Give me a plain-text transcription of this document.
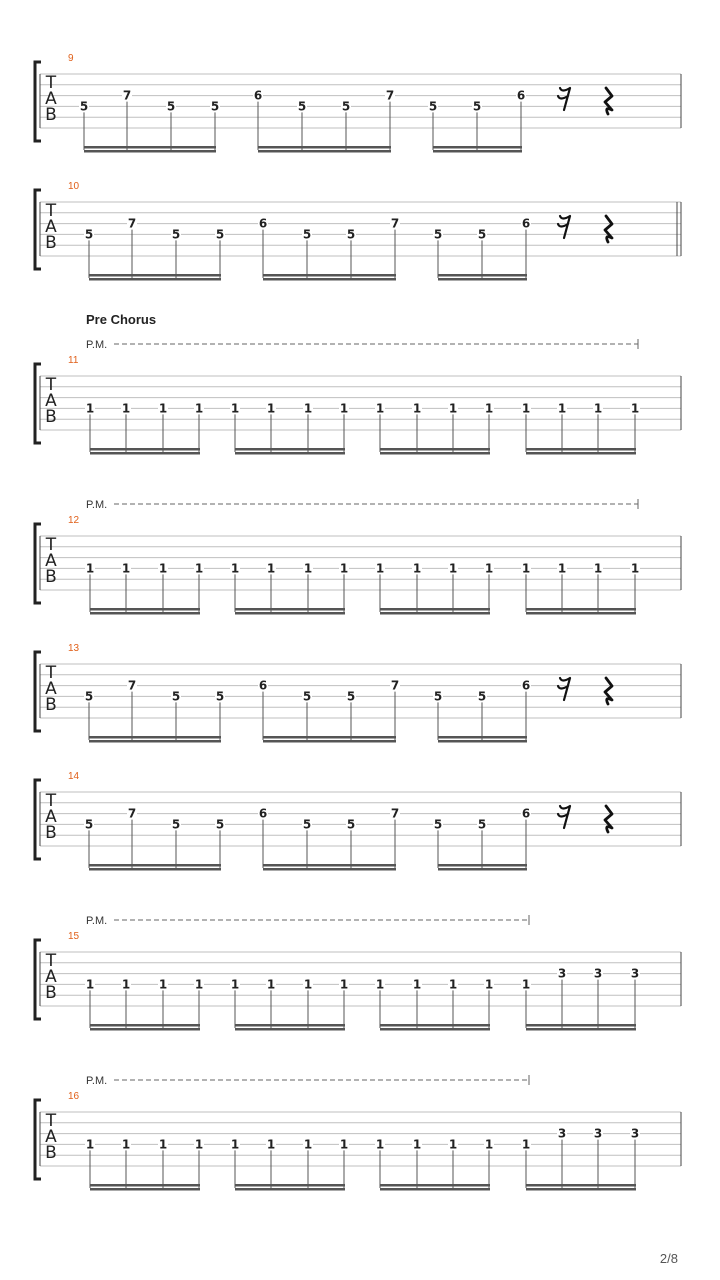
T
A
B
9
5
7
5	5
6
5	5
7
5	5
6
T
A
B
10
5
7
5	5
6
5	5
7
5	5
6
T
A
B
11
Pre Chorus
P.M.
1 1 1 1 1 1 1 1 1 1 1 1 1 1 1 1
T
A
B
12
P.M.
1 1 1 1 1 1 1 1 1 1 1 1 1 1 1 1
T
A
B
13
5
7
5	5
6
5	5
7
5	5
6
T
A
B
14
5
7
5	5
6
5	5
7
5	5
6
T
A
B
15
P.M.
1 1 1 1 1 1 1 1 1 1 1 1 1
3 3 3
T
A
B
16
P.M.
1 1 1 1 1 1 1 1 1 1 1 1 1
3 3 3
2/8
